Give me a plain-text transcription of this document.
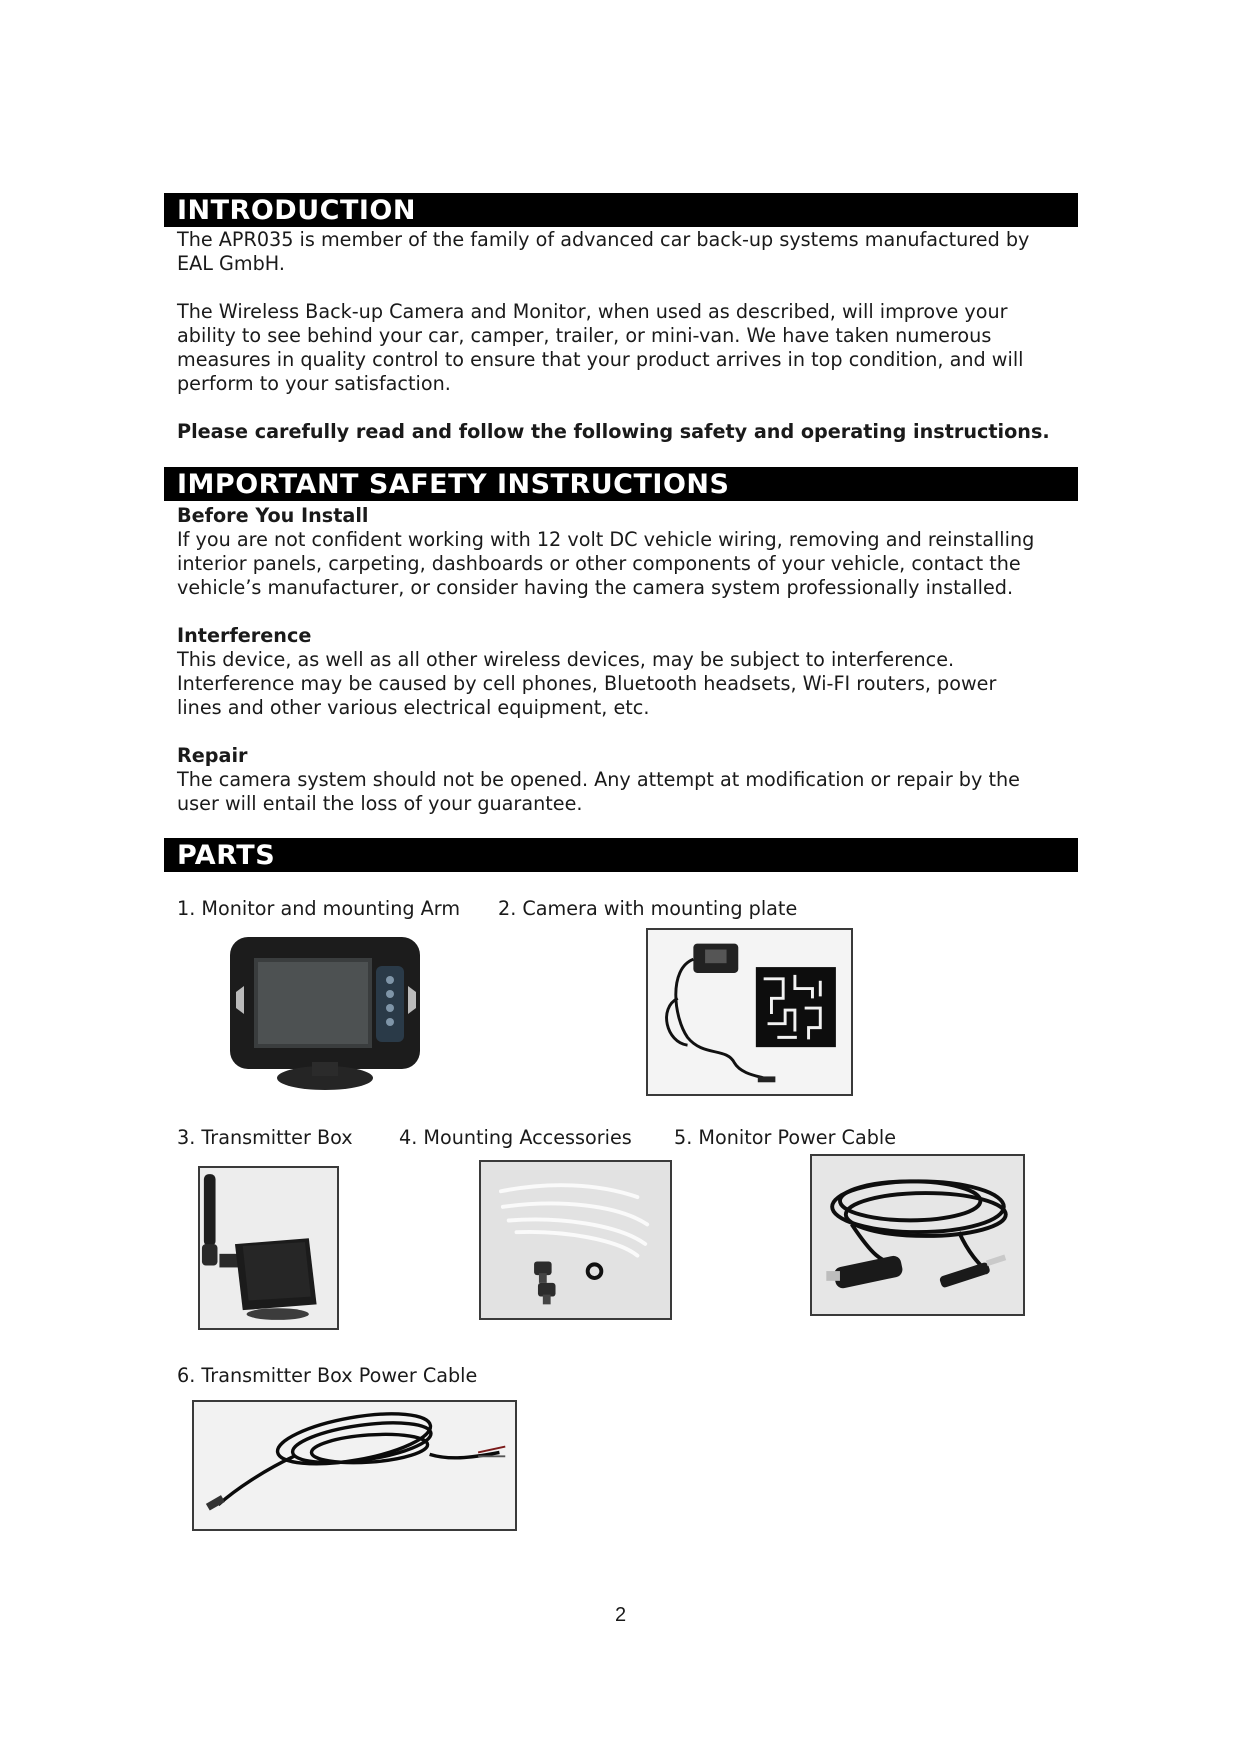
INTRODUCTION
The APR035 is member of the family of advanced car back-up systems manufactured by
EAL GmbH.
The Wireless Back-up Camera and Monitor, when used as described, will improve your
ability to see behind your car, camper, trailer, or mini-van. We have taken numerous
measures in quality control to ensure that your product arrives in top condition, and will
perform to your satisfaction.
Please carefully read and follow the following safety and operating instructions.
IMPORTANT SAFETY INSTRUCTIONS
Before You Install
If you are not confident working with 12 volt DC vehicle wiring, removing and reinstalling
interior panels, carpeting, dashboards or other components of your vehicle, contact the
vehicle’s manufacturer, or consider having the camera system professionally installed.
Interference
This device, as well as all other wireless devices, may be subject to interference.
Interference may be caused by cell phones, Bluetooth headsets, Wi-FI routers, power
lines and other various electrical equipment, etc.
Repair
The camera system should not be opened. Any attempt at modification or repair by the
user will entail the loss of your guarantee.
PARTS
1. Monitor and mounting Arm 2. Camera with mounting plate
3. Transmitter Box 4. Mounting Accessories 5. Monitor Power Cable
6. Transmitter Box Power Cable
2
